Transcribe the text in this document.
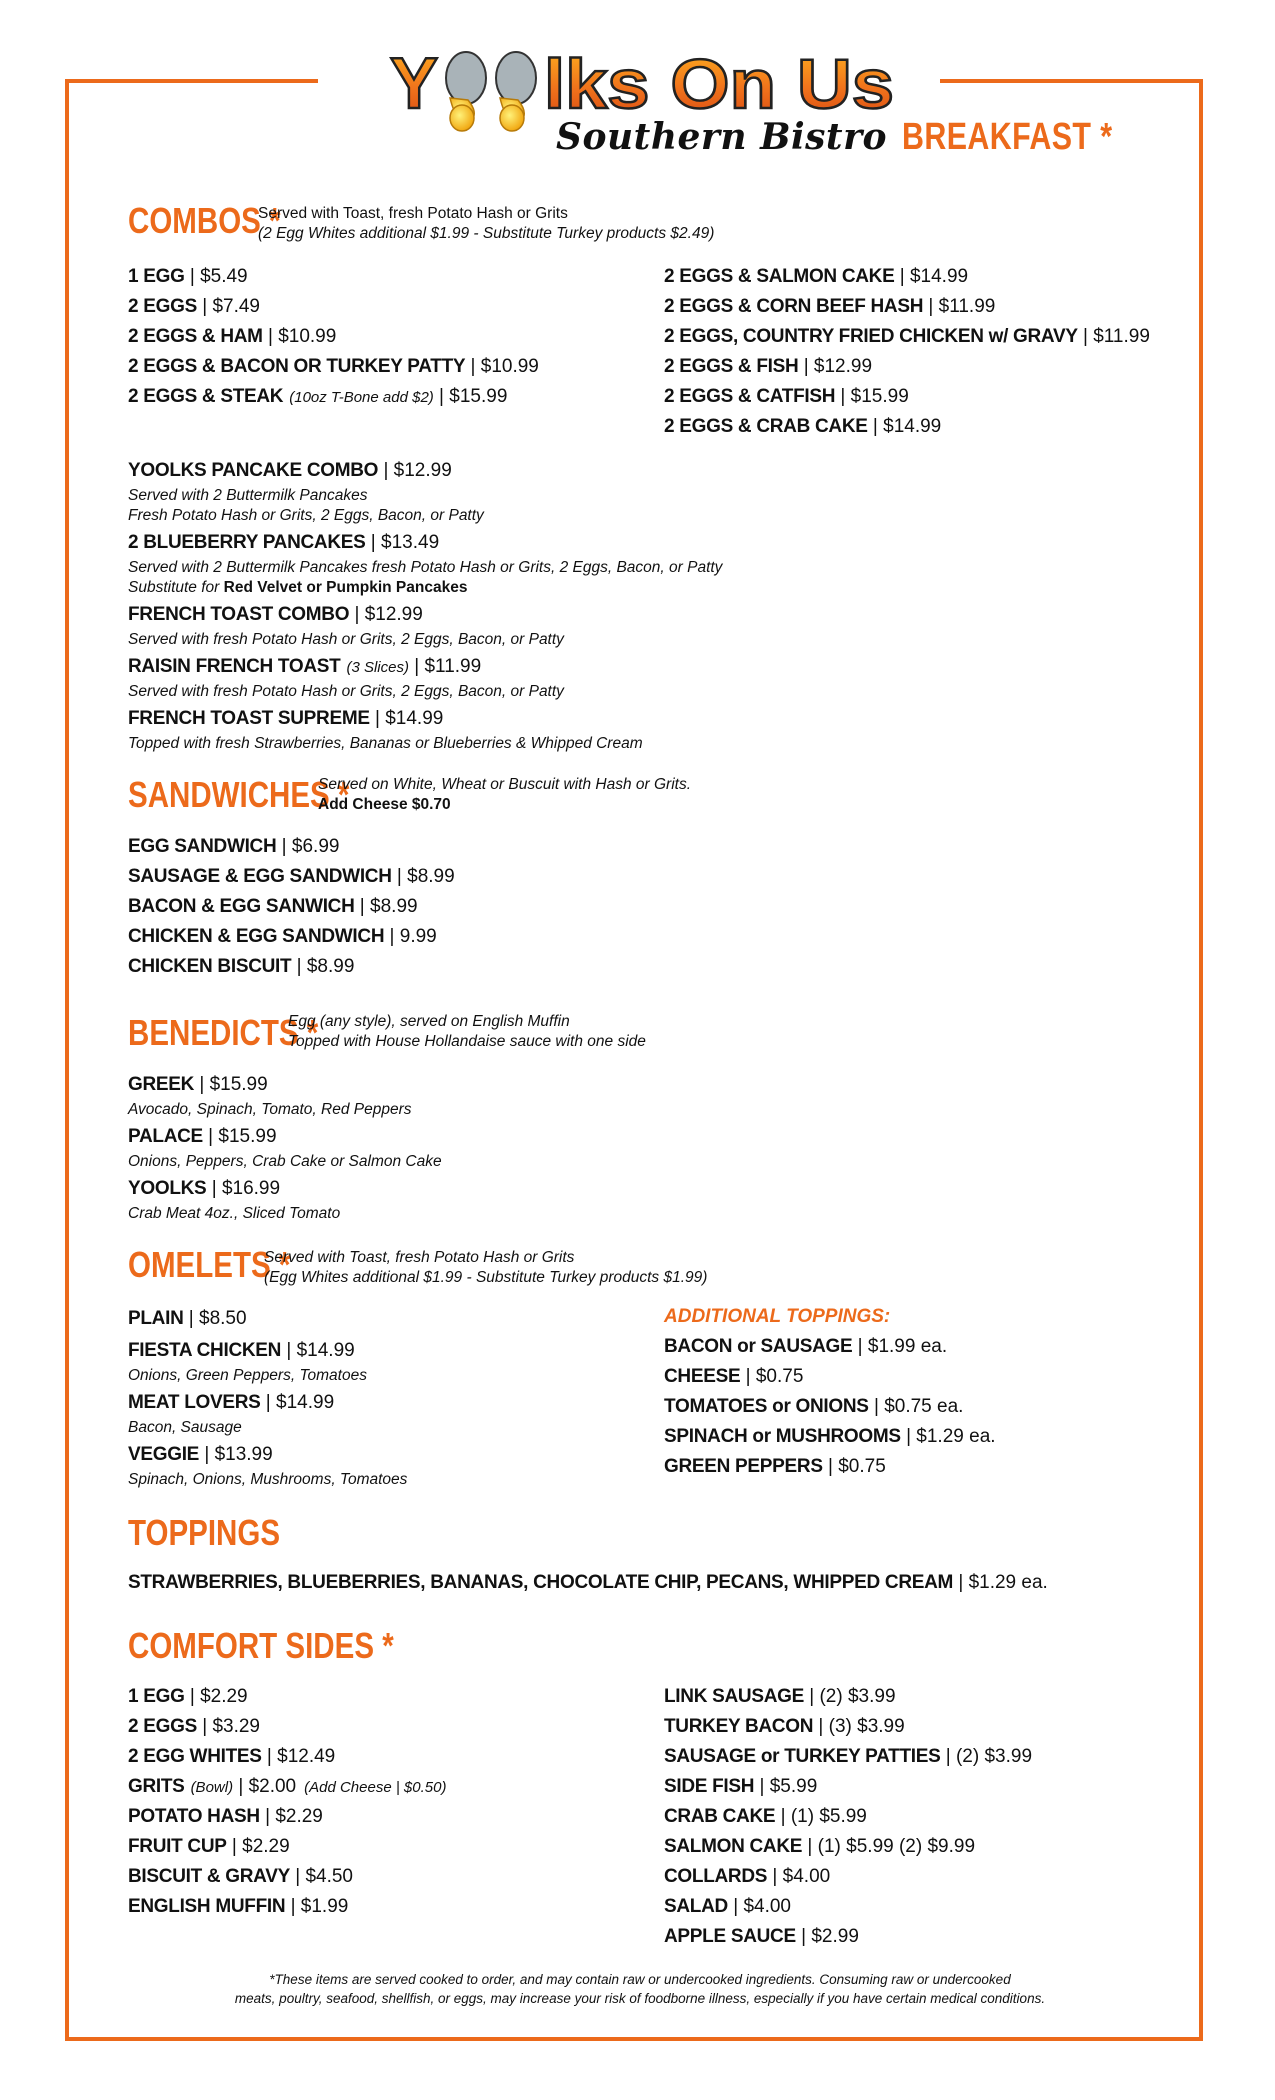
Y lks On Us
Southern Bistro BREAKFAST *
COMBOS *
Served with Toast, fresh Potato Hash or Grits
(2 Egg Whites additional $1.99 - Substitute Turkey products $2.49)
1 EGG | $5.49
2 EGGS | $7.49
2 EGGS & HAM | $10.99
2 EGGS & BACON OR TURKEY PATTY | $10.99
2 EGGS & STEAK (10oz T-Bone add $2) | $15.99
2 EGGS & SALMON CAKE | $14.99
2 EGGS & CORN BEEF HASH | $11.99
2 EGGS, COUNTRY FRIED CHICKEN w/ GRAVY | $11.99
2 EGGS & FISH | $12.99
2 EGGS & CATFISH | $15.99
2 EGGS & CRAB CAKE | $14.99
YOOLKS PANCAKE COMBO | $12.99
Served with 2 Buttermilk Pancakes
Fresh Potato Hash or Grits, 2 Eggs, Bacon, or Patty
2 BLUEBERRY PANCAKES | $13.49
Served with 2 Buttermilk Pancakes fresh Potato Hash or Grits, 2 Eggs, Bacon, or Patty
Substitute for Red Velvet or Pumpkin Pancakes
FRENCH TOAST COMBO | $12.99
Served with fresh Potato Hash or Grits, 2 Eggs, Bacon, or Patty
RAISIN FRENCH TOAST (3 Slices) | $11.99
Served with fresh Potato Hash or Grits, 2 Eggs, Bacon, or Patty
FRENCH TOAST SUPREME | $14.99
Topped with fresh Strawberries, Bananas or Blueberries & Whipped Cream
SANDWICHES *
Served on White, Wheat or Buscuit with Hash or Grits.
Add Cheese $0.70
EGG SANDWICH | $6.99
SAUSAGE & EGG SANDWICH | $8.99
BACON & EGG SANWICH | $8.99
CHICKEN & EGG SANDWICH | 9.99
CHICKEN BISCUIT | $8.99
BENEDICTS *
Egg (any style), served on English Muffin
Topped with House Hollandaise sauce with one side
GREEK | $15.99
Avocado, Spinach, Tomato, Red Peppers
PALACE | $15.99
Onions, Peppers, Crab Cake or Salmon Cake
YOOLKS | $16.99
Crab Meat 4oz., Sliced Tomato
OMELETS *
Served with Toast, fresh Potato Hash or Grits
(Egg Whites additional $1.99 - Substitute Turkey products $1.99)
PLAIN | $8.50
FIESTA CHICKEN | $14.99
Onions, Green Peppers, Tomatoes
MEAT LOVERS | $14.99
Bacon, Sausage
VEGGIE | $13.99
Spinach, Onions, Mushrooms, Tomatoes
ADDITIONAL TOPPINGS:
BACON or SAUSAGE | $1.99 ea.
CHEESE | $0.75
TOMATOES or ONIONS | $0.75 ea.
SPINACH or MUSHROOMS | $1.29 ea.
GREEN PEPPERS | $0.75
TOPPINGS
STRAWBERRIES, BLUEBERRIES, BANANAS, CHOCOLATE CHIP, PECANS, WHIPPED CREAM | $1.29 ea.
COMFORT SIDES *
1 EGG | $2.29
2 EGGS | $3.29
2 EGG WHITES | $12.49
GRITS (Bowl) | $2.00 (Add Cheese | $0.50)
POTATO HASH | $2.29
FRUIT CUP | $2.29
BISCUIT & GRAVY | $4.50
ENGLISH MUFFIN | $1.99
LINK SAUSAGE | (2) $3.99
TURKEY BACON | (3) $3.99
SAUSAGE or TURKEY PATTIES | (2) $3.99
SIDE FISH | $5.99
CRAB CAKE | (1) $5.99
SALMON CAKE | (1) $5.99 (2) $9.99
COLLARDS | $4.00
SALAD | $4.00
APPLE SAUCE | $2.99
*These items are served cooked to order, and may contain raw or undercooked ingredients. Consuming raw or undercooked
meats, poultry, seafood, shellfish, or eggs, may increase your risk of foodborne illness, especially if you have certain medical conditions.
